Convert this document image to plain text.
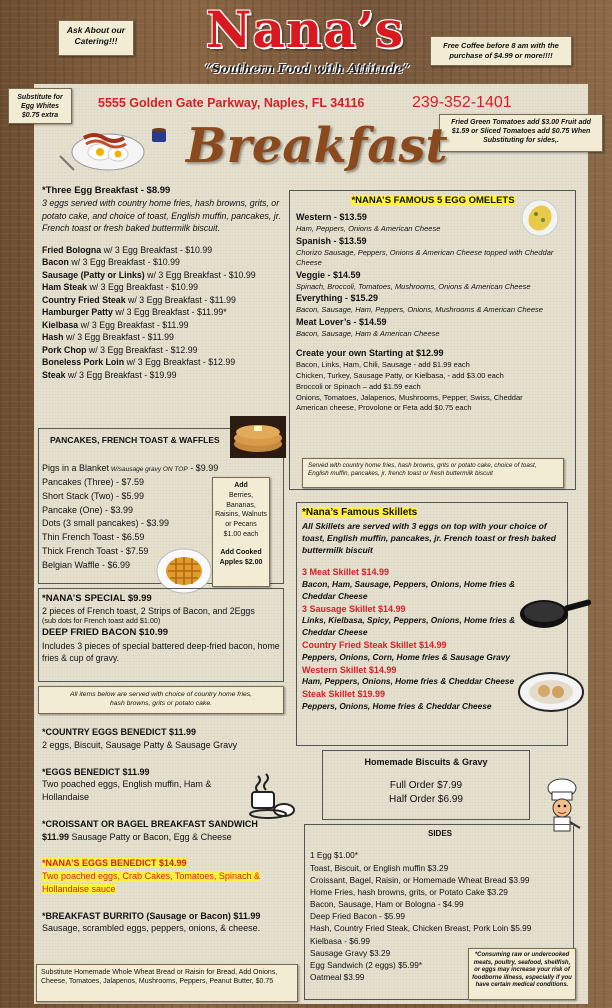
Ask About our Catering!!!	Nana’s
“Southern Food with Attitude”
Free Coffee before 8 am with the purchase of $4.99 or more!!!!
Substitute for Egg Whites $0.75 extra
5555 Golden Gate Parkway, Naples, FL 34116	239-352-1401
Fried Green Tomatoes add $3.00 Fruit add $1.59 or Sliced Tomatoes add $0.75 When Substituting for sides,.
Breakfast
*Three Egg Breakfast - $8.99
3 eggs served with country home fries, hash browns, grits, or potato cake, and choice of toast, English muffin, pancakes, jr. French toast or fresh baked buttermilk biscuit.
Fried Bologna w/ 3 Egg Breakfast - $10.99
Bacon w/ 3 Egg Breakfast - $10.99
Sausage (Patty or Links) w/ 3 Egg Breakfast - $10.99
Ham Steak w/ 3 Egg Breakfast - $10.99
Country Fried Steak w/ 3 Egg Breakfast - $11.99
Hamburger Patty w/ 3 Egg Breakfast - $11.99*
Kielbasa w/ 3 Egg Breakfast - $11.99
Hash w/ 3 Egg Breakfast - $11.99
Pork Chop w/ 3 Egg Breakfast - $12.99
Boneless Pork Loin w/ 3 Egg Breakfast - $12.99
Steak w/ 3 Egg Breakfast - $19.99
*NANA’S FAMOUS 5 EGG OMELETS
Western - $13.59
Ham, Peppers, Onions & American Cheese
Spanish - $13.59
Chorizo Sausage, Peppers, Onions & American Cheese topped with Cheddar Cheese
Veggie - $14.59
Spinach, Broccoli, Tomatoes, Mushrooms, Onions & American Cheese
Everything - $15.29
Bacon, Sausage, Ham, Peppers, Onions, Mushrooms & American Cheese
Meat Lover’s - $14.59
Bacon, Sausage, Ham & American Cheese
Create your own Starting at $12.99
Bacon, Links, Ham, Chili, Sausage - add $1.99 each
Chicken, Turkey, Sausage Patty, or Kielbasa, - add $3.00 each
Broccoli or Spinach – add $1.59 each
Onions, Tomatoes, Jalapenos, Mushrooms, Pepper, Swiss, Cheddar
American cheese, Provolone or Feta add $0.75 each
Served with country home fries, hash browns, grits or potato cake, choice of toast, English muffin, pancakes, jr. french toast or fresh buttermilk biscuit
PANCAKES, FRENCH TOAST & WAFFLES
Pigs in a Blanket W/sausage gravy ON TOP - $9.99
Pancakes (Three) - $7.59
Short Stack (Two) - $5.99
Pancake (One) - $3.99
Dots (3 small pancakes) - $3.99
Thin French Toast - $6.59
Thick French Toast - $7.59
Belgian Waffle - $6.99
Add
Berries, Bananas, Raisins, Walnuts or Pecans
$1.00 each
Add Cooked Apples $2.00
*NANA’S SPECIAL $9.99
2 pieces of French toast, 2 Strips of Bacon, and 2Eggs
(sub dots for French toast add $1.00)
DEEP FRIED BACON $10.99
Includes 3 pieces of special battered deep-fried bacon, home fries & cup of gravy.
All items below are served with choice of country home fries, hash browns, grits or potato cake.
*COUNTRY EGGS BENEDICT $11.99
2 eggs, Biscuit, Sausage Patty & Sausage Gravy
*EGGS BENEDICT $11.99
Two poached eggs, English muffin, Ham & Hollandaise
*CROISSANT OR BAGEL BREAKFAST SANDWICH
$11.99 Sausage Patty or Bacon, Egg & Cheese
*NANA’S EGGS BENEDICT $14.99

Two poached eggs, Crab Cakes, Tomatoes, Spinach & Hollandaise sauce
*BREAKFAST BURRITO (Sausage or Bacon) $11.99
Sausage, scrambled eggs, peppers, onions, & cheese.
Substitute Homemade Whole Wheat Bread or Raisin for Bread, Add Onions, Cheese, Tomatoes, Jalapenos, Mushrooms, Peppers, Peanut Butter, $0.75
*Nana’s Famous Skillets
All Skillets are served with 3 eggs on top with your choice of toast, English muffin, pancakes, jr. French toast or fresh baked buttermilk biscuit
3 Meat Skillet $14.99
Bacon, Ham, Sausage, Peppers, Onions, Home fries & Cheddar Cheese
3 Sausage Skillet $14.99
Links, Kielbasa, Spicy, Peppers, Onions, Home fries & Cheddar Cheese
Country Fried Steak Skillet $14.99
Peppers, Onions, Corn, Home fries & Sausage Gravy
Western Skillet $14.99
Ham, Peppers, Onions, Home fries & Cheddar Cheese
Steak Skillet $19.99
Peppers, Onions, Home fries & Cheddar Cheese
Homemade Biscuits & Gravy
Full Order $7.99
Half Order $6.99
SIDES
1 Egg $1.00*
Toast, Biscuit, or English muffin $3.29
Croissant, Bagel, Raisin, or Homemade Wheat Bread $3.99
Home Fries, hash browns, grits, or Potato Cake $3.29
Bacon, Sausage, Ham or Bologna - $4.99
Deep Fried Bacon - $5.99
Hash, Country Fried Steak, Chicken Breast, Pork Loin $5.99
Kielbasa - $6.99
Sausage Gravy $3.29
Egg Sandwich (2 eggs) $5.99*
Oatmeal $3.99
*Consuming raw or undercooked meats, poultry, seafood, shellfish, or eggs may increase your risk of foodborne illness, especially if you have certain medical conditions.
